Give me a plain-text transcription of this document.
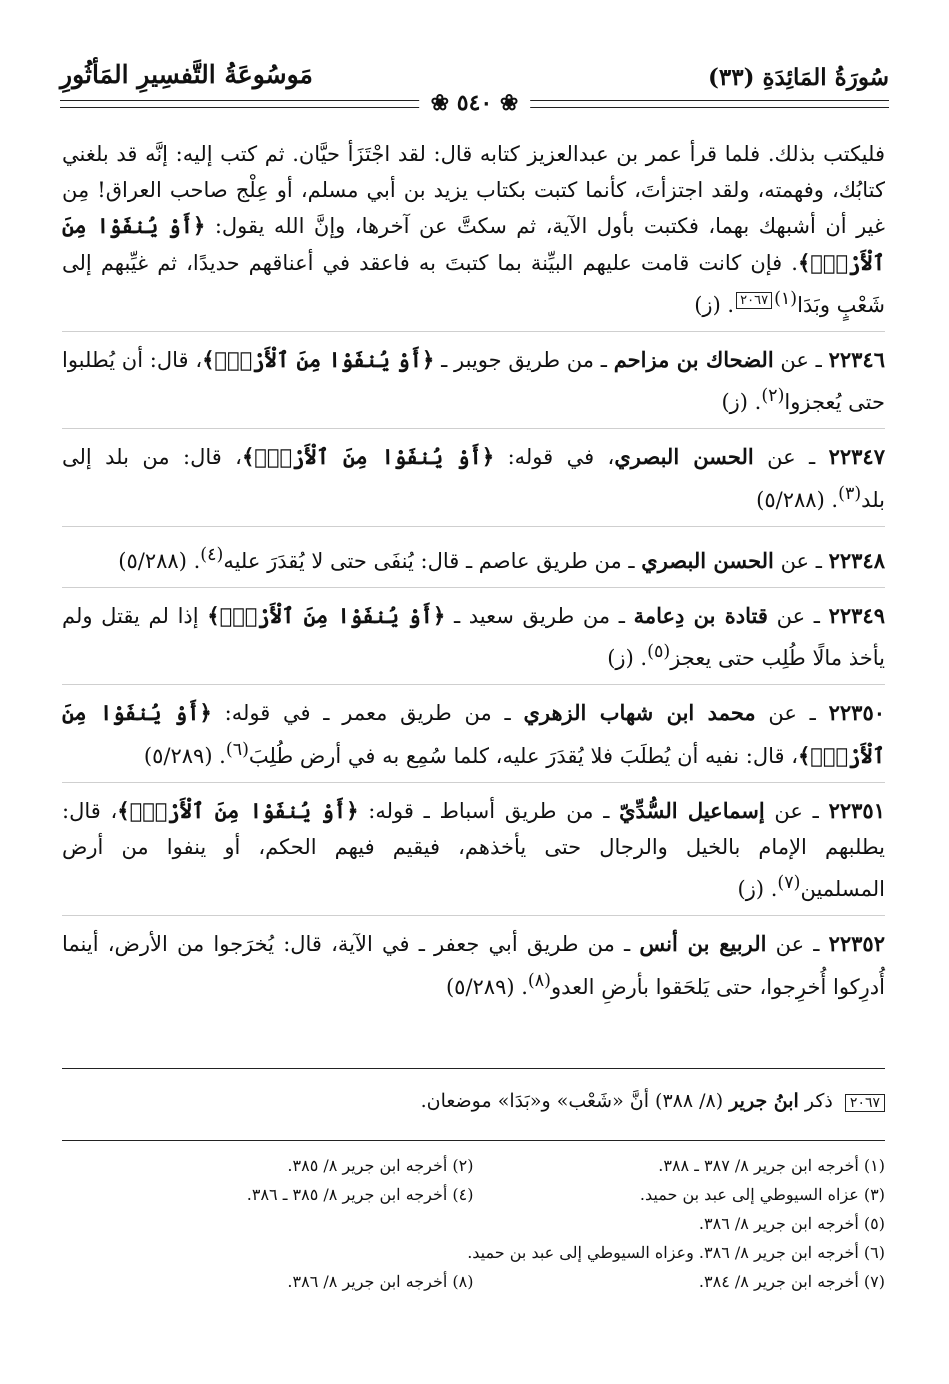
سُورَةُ المَائِدَةِ (٣٣)
مَوسُوعَةُ التَّفسِيرِ المَأثُورِ
❀ ٥٤٠ ❀

فليكتب بذلك. فلما قرأ عمر بن عبدالعزيز كتابه قال: لقد اجْتَزَأ حيَّان. ثم كتب إليه: إنَّه قد بلغني كتابُك، وفهمته، ولقد اجتزأتَ، كأنما كتبت بكتاب يزيد بن أبي مسلم، أو عِلْج صاحب العراق! مِن غير أن أشبهك بهما، فكتبت بأول الآية، ثم سكتَّ عن آخرها، وإنَّ الله يقول: ﴿أَوْ يُنفَوْا مِنَ ٱلْأَرْضِۚ﴾. فإن كانت قامت عليهم البيِّنة بما كتبتَ به فاعقد في أعناقهم حديدًا، ثم غيِّبهم إلى شَعْبٍ وبَدَا$^{(١)}$٢٠٦٧. (ز)

٢٢٣٤٦ ـ عن الضحاك بن مزاحم ـ من طريق جويبر ـ ﴿أَوْ يُنفَوْا مِنَ ٱلْأَرْضِۚ﴾، قال: أن يُطلبوا حتى يُعجزوا$^{(٢)}$. (ز)

٢٢٣٤٧ ـ عن الحسن البصري، في قوله: ﴿أَوْ يُنفَوْا مِنَ ٱلْأَرْضِۚ﴾، قال: من بلد إلى بلد$^{(٣)}$. (٥/٢٨٨)

٢٢٣٤٨ ـ عن الحسن البصري ـ من طريق عاصم ـ قال: يُنفَى حتى لا يُقدَرَ عليه$^{(٤)}$. (٥/٢٨٨)

٢٢٣٤٩ ـ عن قتادة بن دِعامة ـ من طريق سعيد ـ ﴿أَوْ يُنفَوْا مِنَ ٱلْأَرْضِۚ﴾ إذا لم يقتل ولم يأخذ مالًا طُلِب حتى يعجز$^{(٥)}$. (ز)

٢٢٣٥٠ ـ عن محمد ابن شهاب الزهري ـ من طريق معمر ـ في قوله: ﴿أَوْ يُنفَوْا مِنَ ٱلْأَرْضِۚ﴾، قال: نفيه أن يُطلَبَ فلا يُقدَرَ عليه، كلما سُمِع به في أرض طُلِبَ$^{(٦)}$. (٥/٢٨٩)

٢٢٣٥١ ـ عن إسماعيل السُّدِّيّ ـ من طريق أسباط ـ قوله: ﴿أَوْ يُنفَوْا مِنَ ٱلْأَرْضِۚ﴾، قال: يطلبهم الإمام بالخيل والرجال حتى يأخذهم، فيقيم فيهم الحكم، أو ينفوا من أرض المسلمين$^{(٧)}$. (ز)

٢٢٣٥٢ ـ عن الربيع بن أنس ـ من طريق أبي جعفر ـ في الآية، قال: يُخرَجوا من الأرض، أينما أُدرِكوا أُخرِجوا، حتى يَلحَقوا بأرضِ العدو$^{(٨)}$. (٥/٢٨٩)

٢٠٦٧ ذكر ابنُ جرير (٨/ ٣٨٨) أنَّ «شَعْب» و«بَدَا» موضعان.
(١) أخرجه ابن جرير ٨/ ٣٨٧ ـ ٣٨٨.
(٢) أخرجه ابن جرير ٨/ ٣٨٥.
(٣) عزاه السيوطي إلى عبد بن حميد.
(٤) أخرجه ابن جرير ٨/ ٣٨٥ ـ ٣٨٦.
(٥) أخرجه ابن جرير ٨/ ٣٨٦.
(٦) أخرجه ابن جرير ٨/ ٣٨٦. وعزاه السيوطي إلى عبد بن حميد.
(٧) أخرجه ابن جرير ٨/ ٣٨٤.
(٨) أخرجه ابن جرير ٨/ ٣٨٦.
